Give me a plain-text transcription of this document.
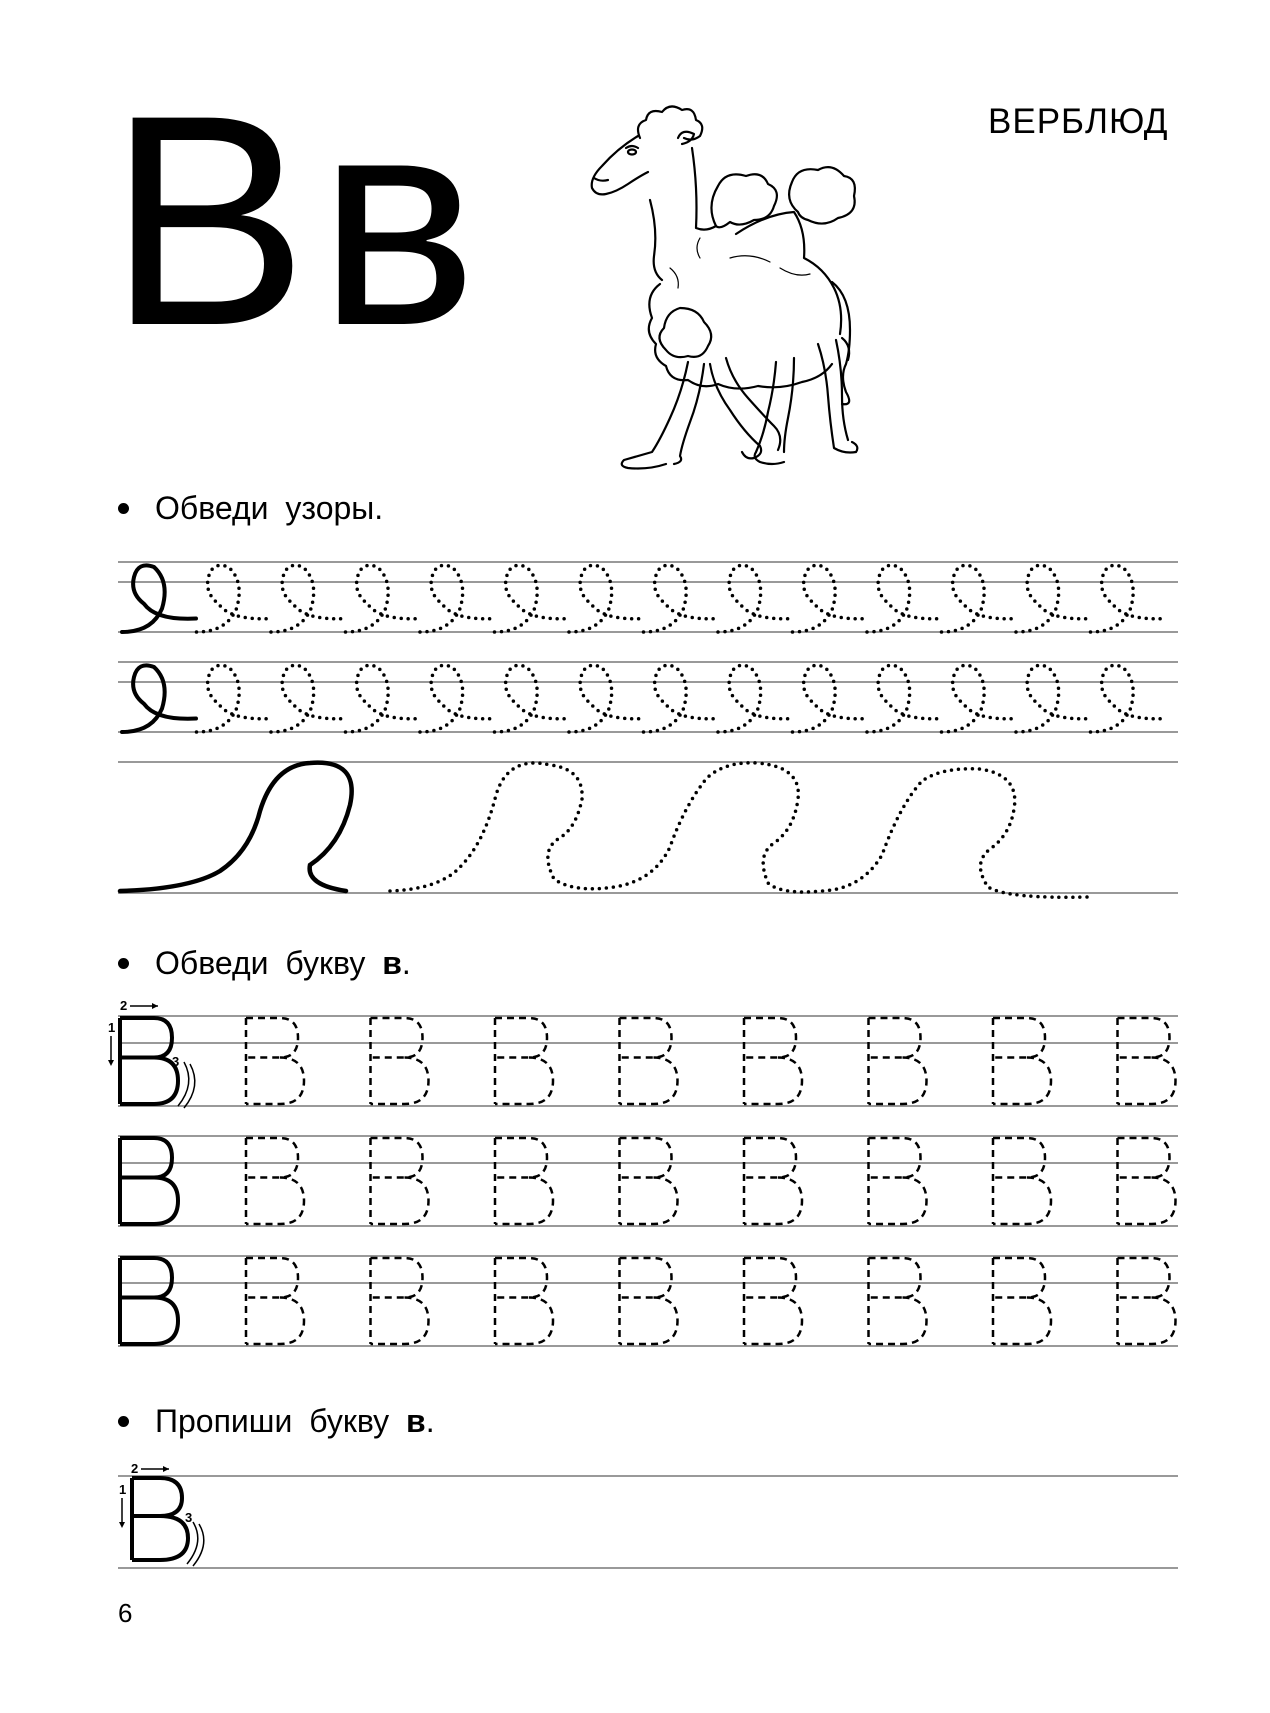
В в	ВЕРБЛЮД
Обведи узоры.
Обведи букву в.
2
1
3
Пропиши букву в.
2
1
3
6
